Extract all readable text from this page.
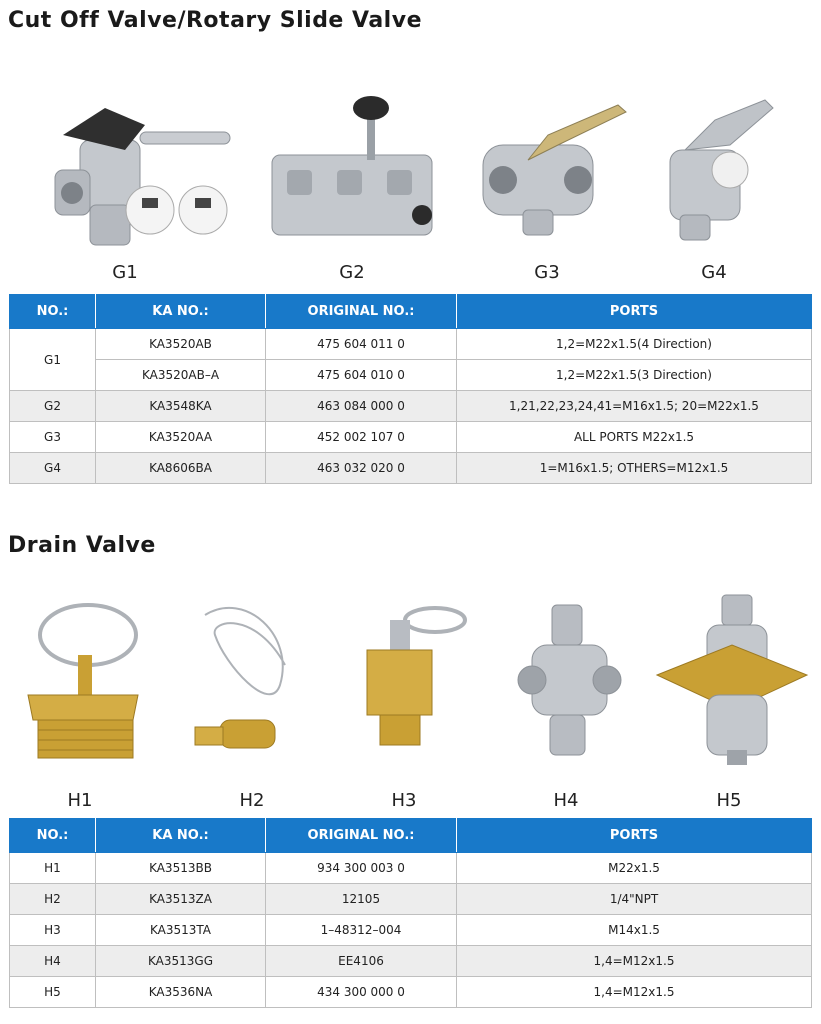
Cut Off Valve/Rotary Slide Valve
G1	G2	G3	G4
NO.:	KA NO.:	ORIGINAL NO.:	PORTS
G1	KA3520AB	475 604 011 0	1,2=M22x1.5(4 Direction)
	KA3520AB–A	475 604 010 0	1,2=M22x1.5(3 Direction)
G2	KA3548KA	463 084 000 0	1,21,22,23,24,41=M16x1.5; 20=M22x1.5
G3	KA3520AA	452 002 107 0	ALL PORTS M22x1.5
G4	KA8606BA	463 032 020 0	1=M16x1.5; OTHERS=M12x1.5
Drain Valve
H1	H2	H3	H4	H5
NO.:	KA NO.:	ORIGINAL NO.:	PORTS
H1	KA3513BB	934 300 003 0	M22x1.5
H2	KA3513ZA	12105	1/4"NPT
H3	KA3513TA	1–48312–004	M14x1.5
H4	KA3513GG	EE4106	1,4=M12x1.5
H5	KA3536NA	434 300 000 0	1,4=M12x1.5
